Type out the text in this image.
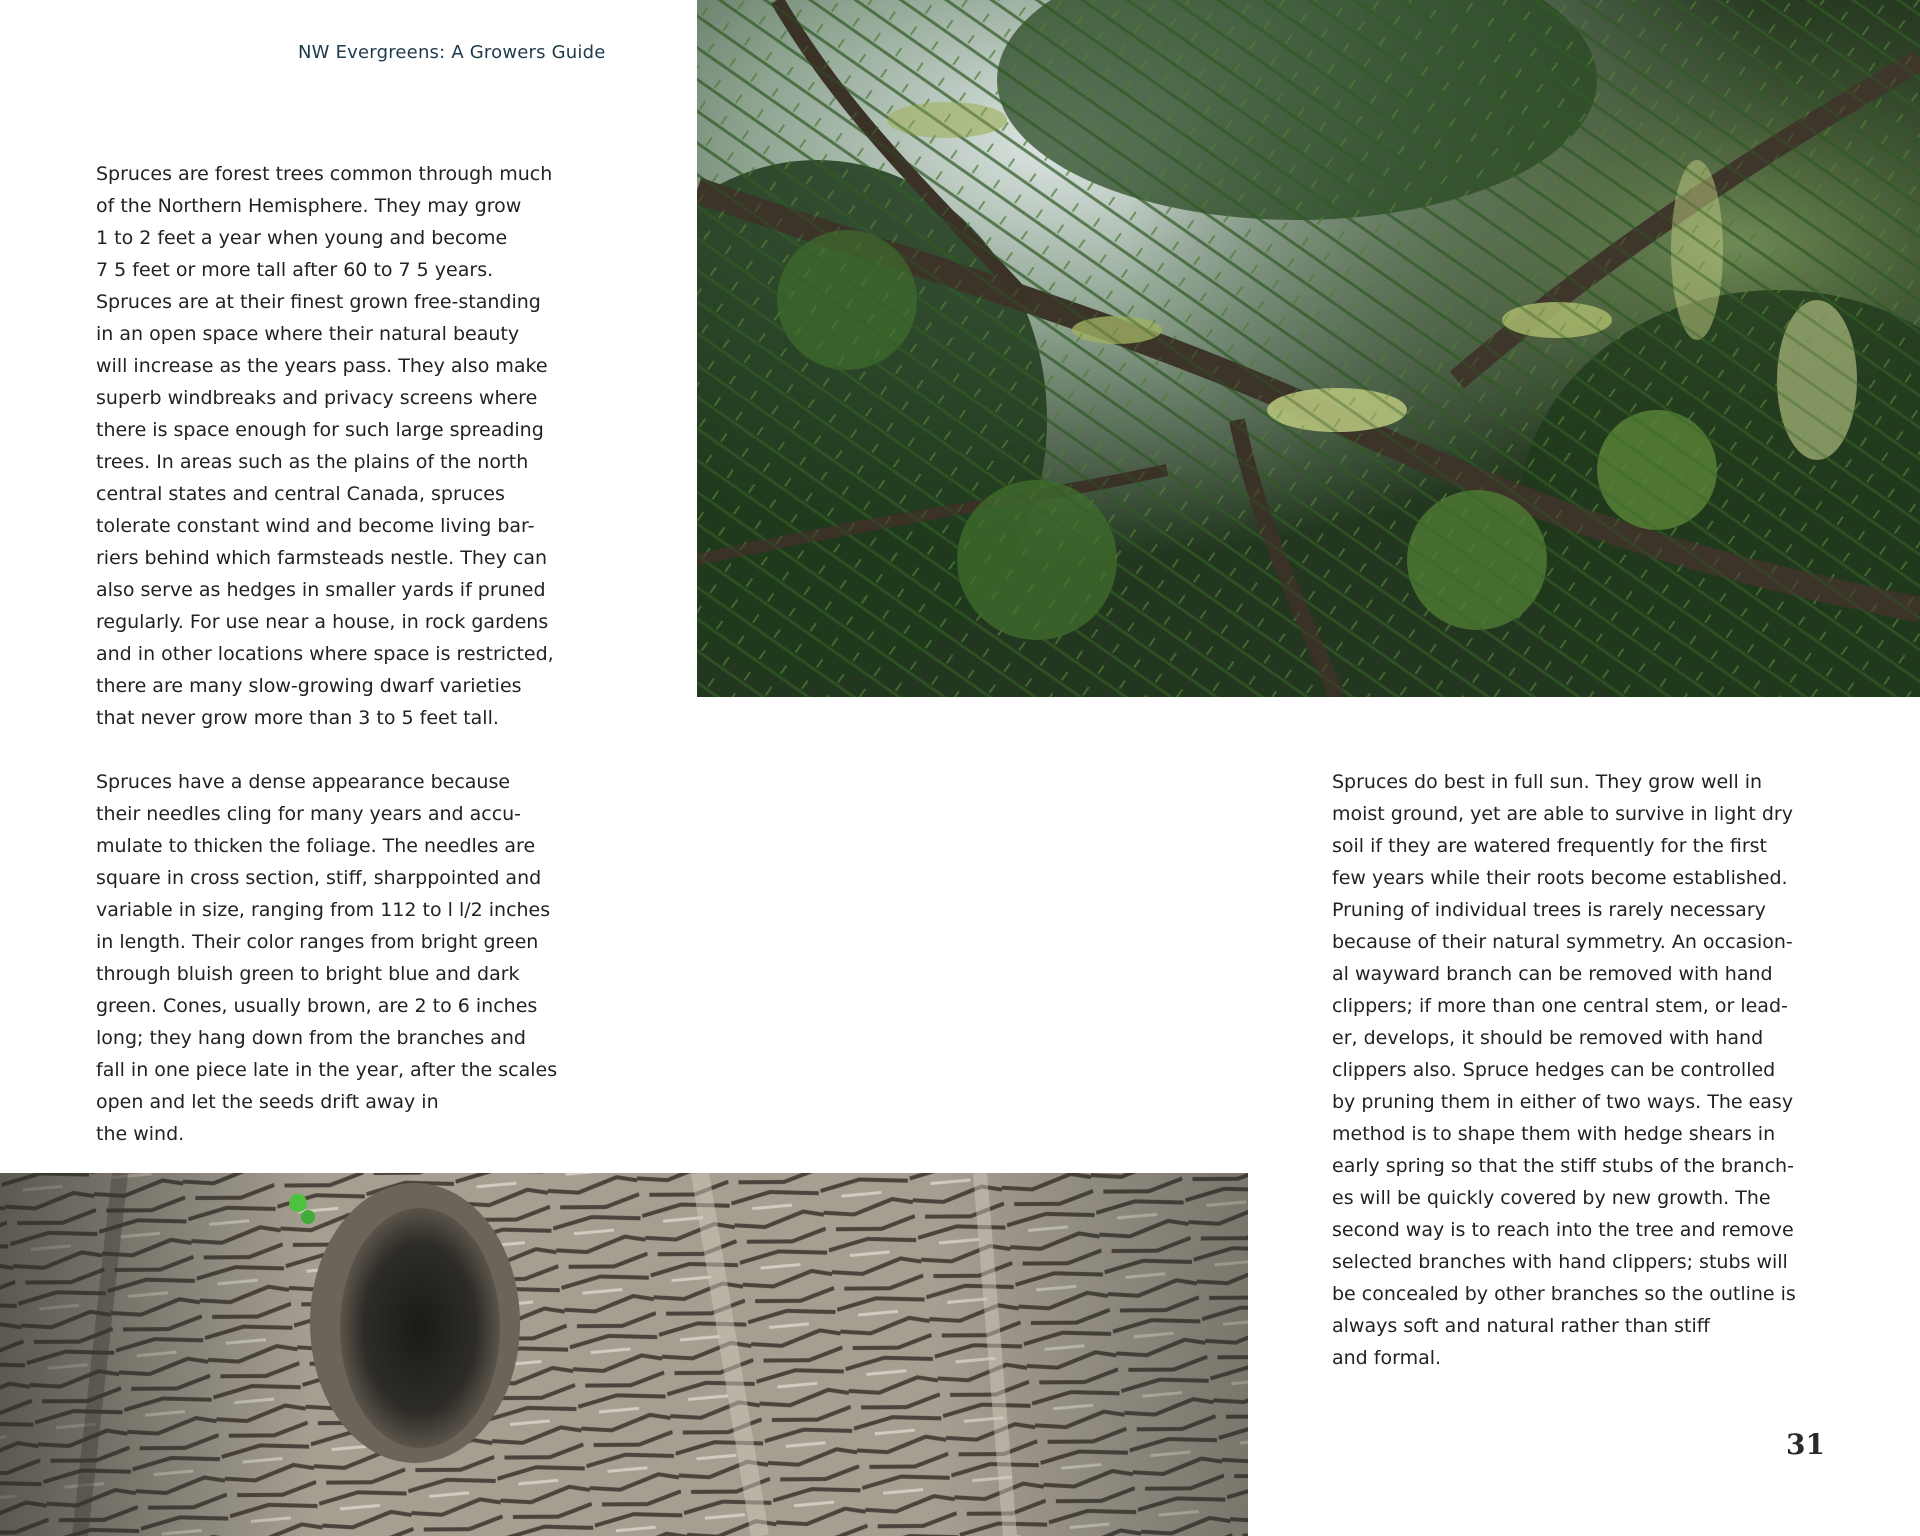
NW Evergreens: A Growers Guide
Spruces are forest trees common through much
of the Northern Hemisphere. They may grow
1 to 2 feet a year when young and become
7 5 feet or more tall after 60 to 7 5 years.
Spruces are at their finest grown free-standing
in an open space where their natural beauty
will increase as the years pass. They also make
superb windbreaks and privacy screens where
there is space enough for such large spreading
trees. In areas such as the plains of the north
central states and central Canada, spruces
tolerate constant wind and become living bar-
riers behind which farmsteads nestle. They can
also serve as hedges in smaller yards if pruned
regularly. For use near a house, in rock gardens
and in other locations where space is restricted,
there are many slow-growing dwarf varieties
that never grow more than 3 to 5 feet tall.
Spruces have a dense appearance because
their needles cling for many years and accu-
mulate to thicken the foliage. The needles are
square in cross section, stiff, sharppointed and
variable in size, ranging from 112 to l l/2 inches
in length. Their color ranges from bright green
through bluish green to bright blue and dark
green. Cones, usually brown, are 2 to 6 inches
long; they hang down from the branches and
fall in one piece late in the year, after the scales
open and let the seeds drift away in
the wind.
Spruces do best in full sun. They grow well in
moist ground, yet are able to survive in light dry
soil if they are watered frequently for the first
few years while their roots become established.
Pruning of individual trees is rarely necessary
because of their natural symmetry. An occasion-
al wayward branch can be removed with hand
clippers; if more than one central stem, or lead-
er, develops, it should be removed with hand
clippers also. Spruce hedges can be controlled
by pruning them in either of two ways. The easy
method is to shape them with hedge shears in
early spring so that the stiff stubs of the branch-
es will be quickly covered by new growth. The
second way is to reach into the tree and remove
selected branches with hand clippers; stubs will
be concealed by other branches so the outline is
always soft and natural rather than stiff
and formal.
31
